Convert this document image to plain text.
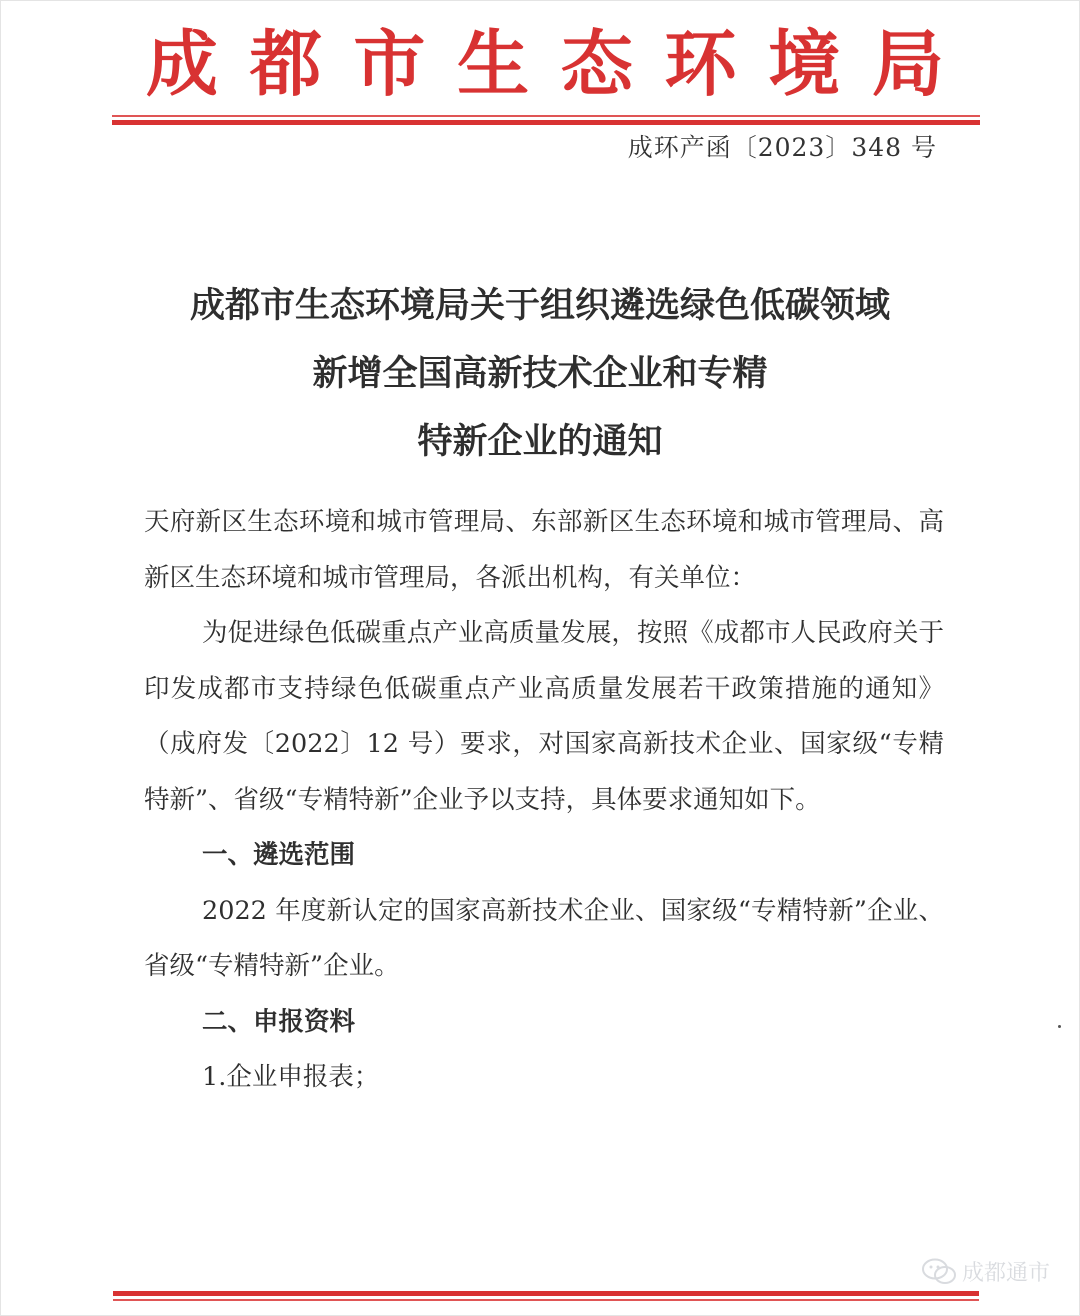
成 都 市 生 态 环 境 局
成环产函〔2023〕348 号
成都市生态环境局关于组织遴选绿色低碳领域
新增全国高新技术企业和专精
特新企业的通知

天府新区生态环境和城市管理局、东部新区生态环境和城市管理局、高新区生态环境和城市管理局，各派出机构，有关单位：

为促进绿色低碳重点产业高质量发展，按照《成都市人民政府关于印发成都市支持绿色低碳重点产业高质量发展若干政策措施的通知》（成府发〔2022〕12 号）要求，对国家高新技术企业、国家级“专精特新”、省级“专精特新”企业予以支持，具体要求通知如下。

一、遴选范围

2022 年度新认定的国家高新技术企业、国家级“专精特新”企业、省级“专精特新”企业。

二、申报资料

1.企业申报表；

成都通市
